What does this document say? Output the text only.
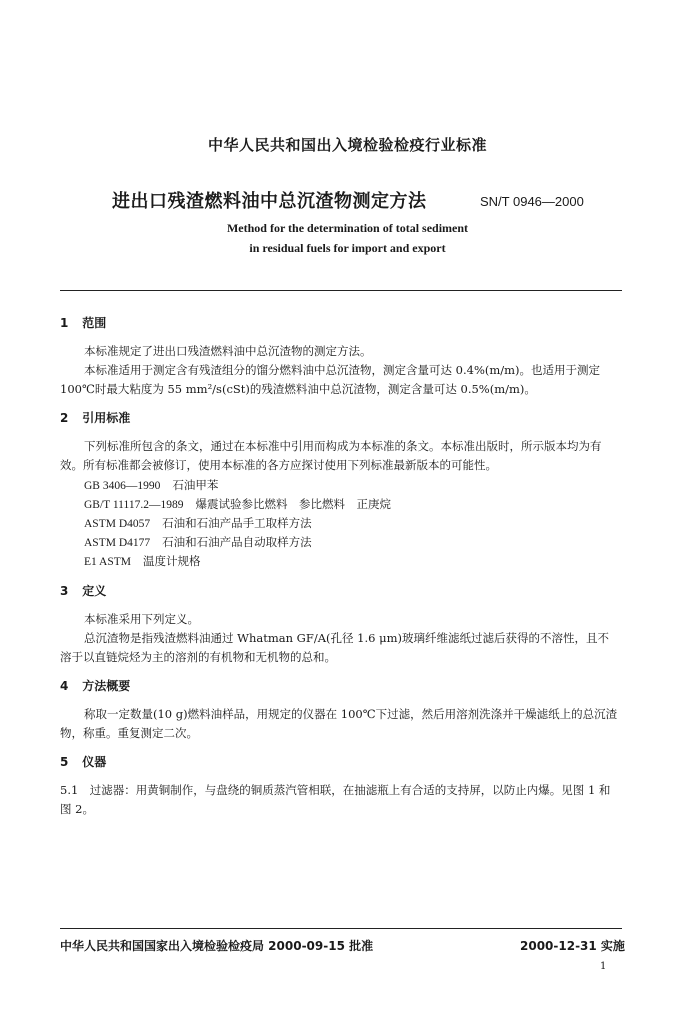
中华人民共和国出入境检验检疫行业标准
进出口残渣燃料油中总沉渣物测定方法	SN/T 0946—2000
Method for the determination of total sediment
in residual fuels for import and export
1 范围
本标准规定了进出口残渣燃料油中总沉渣物的测定方法。
本标准适用于测定含有残渣组分的馏分燃料油中总沉渣物，测定含量可达 0.4%(m/m)。也适用于测定 100℃时最大粘度为 55 mm²/s(cSt)的残渣燃料油中总沉渣物，测定含量可达 0.5%(m/m)。
2 引用标准
下列标准所包含的条文，通过在本标准中引用而构成为本标准的条文。本标准出版时，所示版本均为有效。所有标准都会被修订，使用本标准的各方应探讨使用下列标准最新版本的可能性。
GB 3406—1990 石油甲苯
GB/T 11117.2—1989 爆震试验参比燃料　参比燃料　正庚烷
ASTM D4057 石油和石油产品手工取样方法
ASTM D4177 石油和石油产品自动取样方法
E1 ASTM 温度计规格
3 定义
本标准采用下列定义。
总沉渣物是指残渣燃料油通过 Whatman GF/A(孔径 1.6 μm)玻璃纤维滤纸过滤后获得的不溶性，且不溶于以直链烷烃为主的溶剂的有机物和无机物的总和。
4 方法概要
称取一定数量(10 g)燃料油样品，用规定的仪器在 100℃下过滤，然后用溶剂洗涤并干燥滤纸上的总沉渣物，称重。重复测定二次。
5 仪器
5.1　过滤器：用黄铜制作，与盘绕的铜质蒸汽管相联，在抽滤瓶上有合适的支持屏，以防止内爆。见图 1 和图 2。
中华人民共和国国家出入境检验检疫局 2000-09-15 批准	2000-12-31 实施
1
